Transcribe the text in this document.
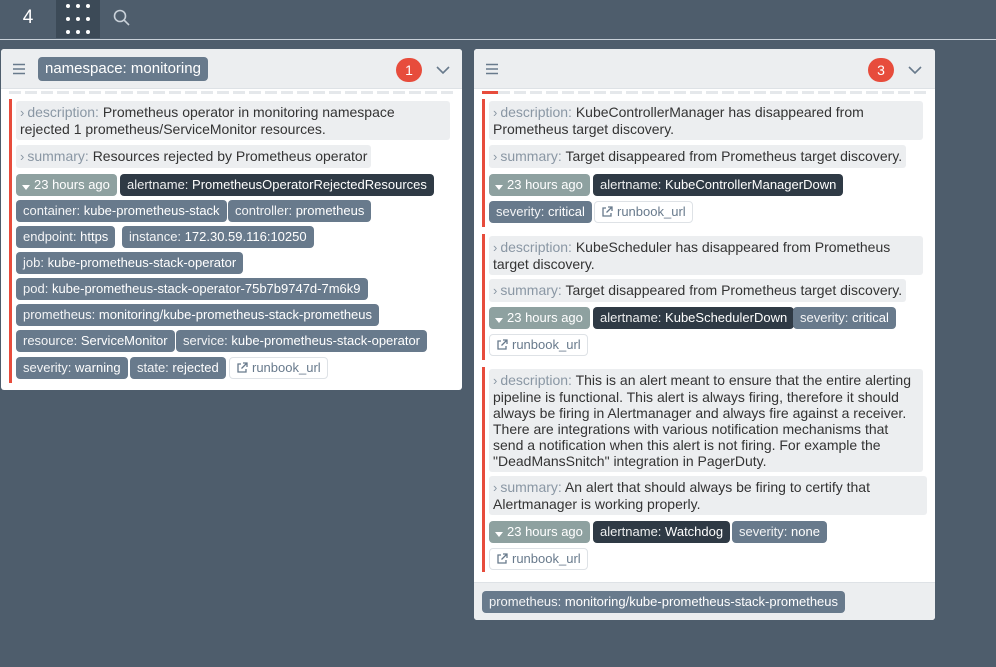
4
namespace: monitoring	1
› description: Prometheus operator in monitoring namespace rejected 1 prometheus/ServiceMonitor resources.
› summary: Resources rejected by Prometheus operator
23 hours ago	alertname: PrometheusOperatorRejectedResources
container: kube-prometheus-stack	controller: prometheus
endpoint: https	instance: 172.30.59.116:10250
job: kube-prometheus-stack-operator
pod: kube-prometheus-stack-operator-75b7b9747d-7m6k9
prometheus: monitoring/kube-prometheus-stack-prometheus
resource: ServiceMonitor	service: kube-prometheus-stack-operator
severity: warning	state: rejected	runbook_url
3
› description: KubeControllerManager has disappeared from Prometheus target discovery.
› summary: Target disappeared from Prometheus target discovery.
23 hours ago	alertname: KubeControllerManagerDown
severity: critical	runbook_url
› description: KubeScheduler has disappeared from Prometheus target discovery.
› summary: Target disappeared from Prometheus target discovery.
23 hours ago	alertname: KubeSchedulerDown severity: critical
runbook_url
› description: This is an alert meant to ensure that the entire alerting pipeline is functional. This alert is always firing, therefore it should always be firing in Alertmanager and always fire against a receiver. There are integrations with various notification mechanisms that send a notification when this alert is not firing. For example the "DeadMansSnitch" integration in PagerDuty.
› summary: An alert that should always be firing to certify that Alertmanager is working properly.
23 hours ago	alertname: Watchdog	severity: none
runbook_url
prometheus: monitoring/kube-prometheus-stack-prometheus
